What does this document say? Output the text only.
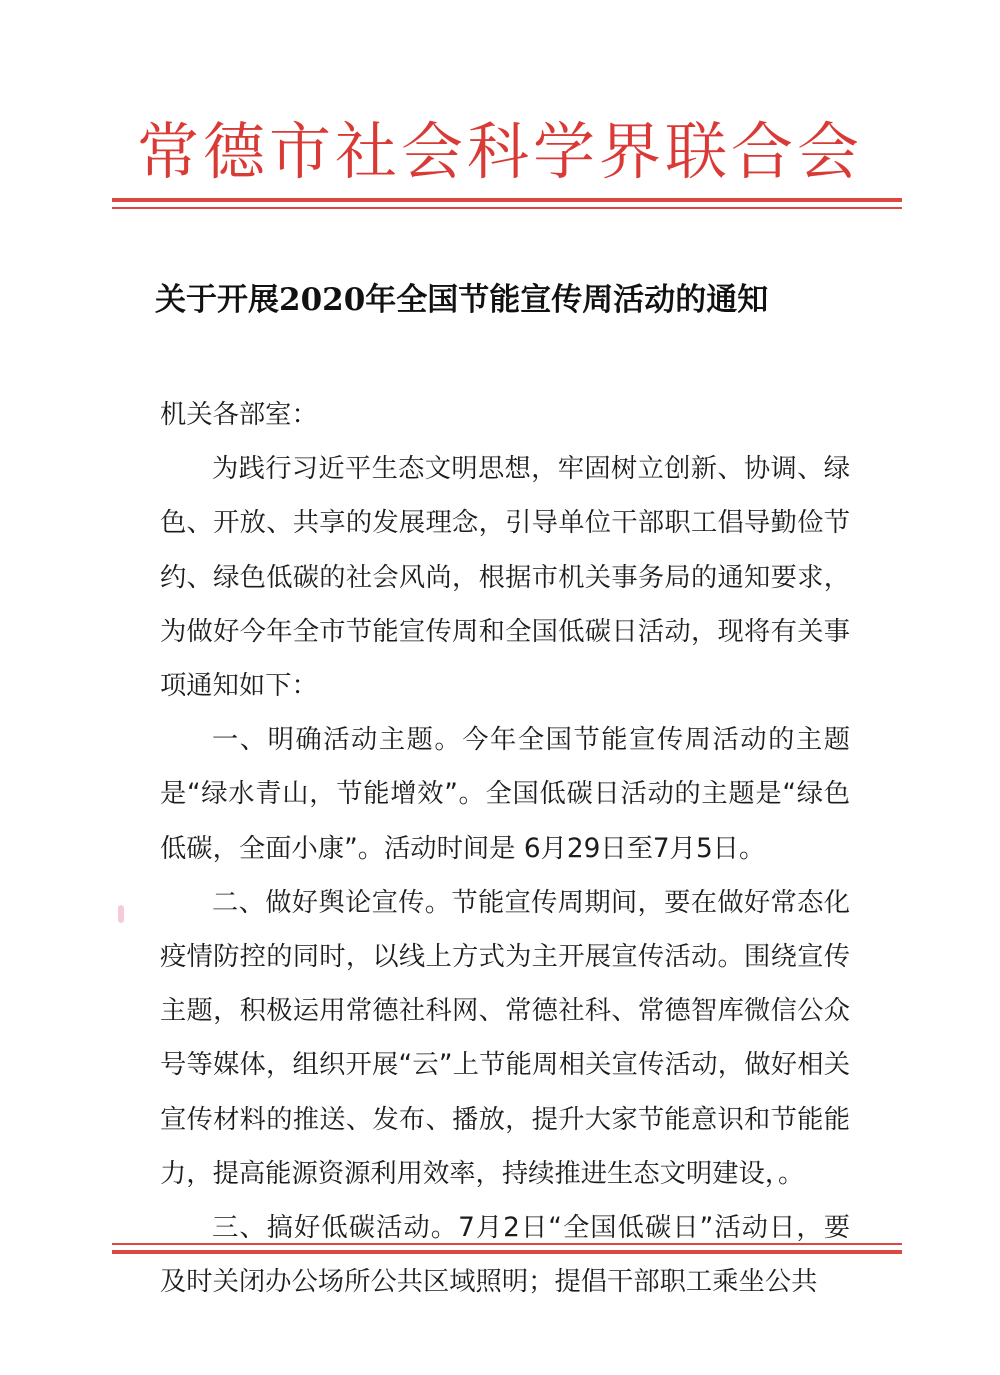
常德市社会科学界联合会
关于开展2020年全国节能宣传周活动的通知

机关各部室：

为践行习近平生态文明思想，牢固树立创新、协调、绿色、开放、共享的发展理念，引导单位干部职工倡导勤俭节约、绿色低碳的社会风尚，根据市机关事务局的通知要求，为做好今年全市节能宣传周和全国低碳日活动，现将有关事项通知如下：

一、明确活动主题。今年全国节能宣传周活动的主题是“绿水青山，节能增效”。全国低碳日活动的主题是“绿色低碳，全面小康”。活动时间是 6月29日至7月5日。

二、做好舆论宣传。节能宣传周期间，要在做好常态化疫情防控的同时，以线上方式为主开展宣传活动。围绕宣传主题，积极运用常德社科网、常德社科、常德智库微信公众号等媒体，组织开展“云”上节能周相关宣传活动，做好相关宣传材料的推送、发布、播放，提升大家节能意识和节能能力，提高能源资源利用效率，持续推进生态文明建设，。

三、搞好低碳活动。7月2日“全国低碳日”活动日，要及时关闭办公场所公共区域照明；提倡干部职工乘坐公共
